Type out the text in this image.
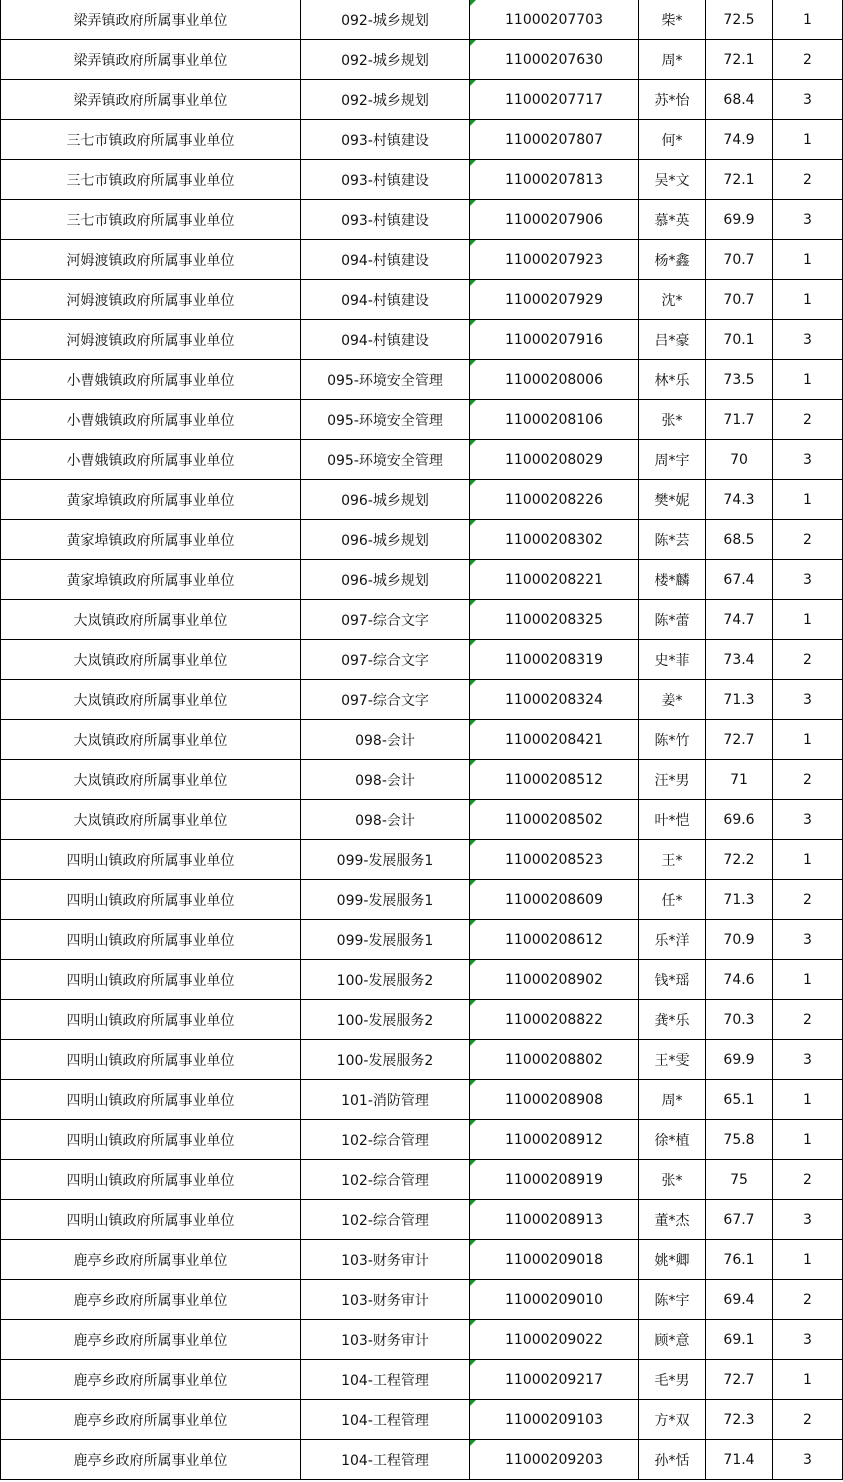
梁弄镇政府所属事业单位	092-城乡规划	11000207703	柴*	72.5	1
梁弄镇政府所属事业单位	092-城乡规划	11000207630	周*	72.1	2
梁弄镇政府所属事业单位	092-城乡规划	11000207717	苏*怡	68.4	3
三七市镇政府所属事业单位	093-村镇建设	11000207807	何*	74.9	1
三七市镇政府所属事业单位	093-村镇建设	11000207813	吴*文	72.1	2
三七市镇政府所属事业单位	093-村镇建设	11000207906	慕*英	69.9	3
河姆渡镇政府所属事业单位	094-村镇建设	11000207923	杨*鑫	70.7	1
河姆渡镇政府所属事业单位	094-村镇建设	11000207929	沈*	70.7	1
河姆渡镇政府所属事业单位	094-村镇建设	11000207916	吕*豪	70.1	3
小曹娥镇政府所属事业单位	095-环境安全管理	11000208006	林*乐	73.5	1
小曹娥镇政府所属事业单位	095-环境安全管理	11000208106	张*	71.7	2
小曹娥镇政府所属事业单位	095-环境安全管理	11000208029	周*宇	70	3
黄家埠镇政府所属事业单位	096-城乡规划	11000208226	樊*妮	74.3	1
黄家埠镇政府所属事业单位	096-城乡规划	11000208302	陈*芸	68.5	2
黄家埠镇政府所属事业单位	096-城乡规划	11000208221	楼*麟	67.4	3
大岚镇政府所属事业单位	097-综合文字	11000208325	陈*蕾	74.7	1
大岚镇政府所属事业单位	097-综合文字	11000208319	史*菲	73.4	2
大岚镇政府所属事业单位	097-综合文字	11000208324	姜*	71.3	3
大岚镇政府所属事业单位	098-会计	11000208421	陈*竹	72.7	1
大岚镇政府所属事业单位	098-会计	11000208512	汪*男	71	2
大岚镇政府所属事业单位	098-会计	11000208502	叶*恺	69.6	3
四明山镇政府所属事业单位	099-发展服务1	11000208523	王*	72.2	1
四明山镇政府所属事业单位	099-发展服务1	11000208609	任*	71.3	2
四明山镇政府所属事业单位	099-发展服务1	11000208612	乐*洋	70.9	3
四明山镇政府所属事业单位	100-发展服务2	11000208902	钱*瑶	74.6	1
四明山镇政府所属事业单位	100-发展服务2	11000208822	龚*乐	70.3	2
四明山镇政府所属事业单位	100-发展服务2	11000208802	王*雯	69.9	3
四明山镇政府所属事业单位	101-消防管理	11000208908	周*	65.1	1
四明山镇政府所属事业单位	102-综合管理	11000208912	徐*植	75.8	1
四明山镇政府所属事业单位	102-综合管理	11000208919	张*	75	2
四明山镇政府所属事业单位	102-综合管理	11000208913	董*杰	67.7	3
鹿亭乡政府所属事业单位	103-财务审计	11000209018	姚*卿	76.1	1
鹿亭乡政府所属事业单位	103-财务审计	11000209010	陈*宇	69.4	2
鹿亭乡政府所属事业单位	103-财务审计	11000209022	顾*意	69.1	3
鹿亭乡政府所属事业单位	104-工程管理	11000209217	毛*男	72.7	1
鹿亭乡政府所属事业单位	104-工程管理	11000209103	方*双	72.3	2
鹿亭乡政府所属事业单位	104-工程管理	11000209203	孙*恬	71.4	3
